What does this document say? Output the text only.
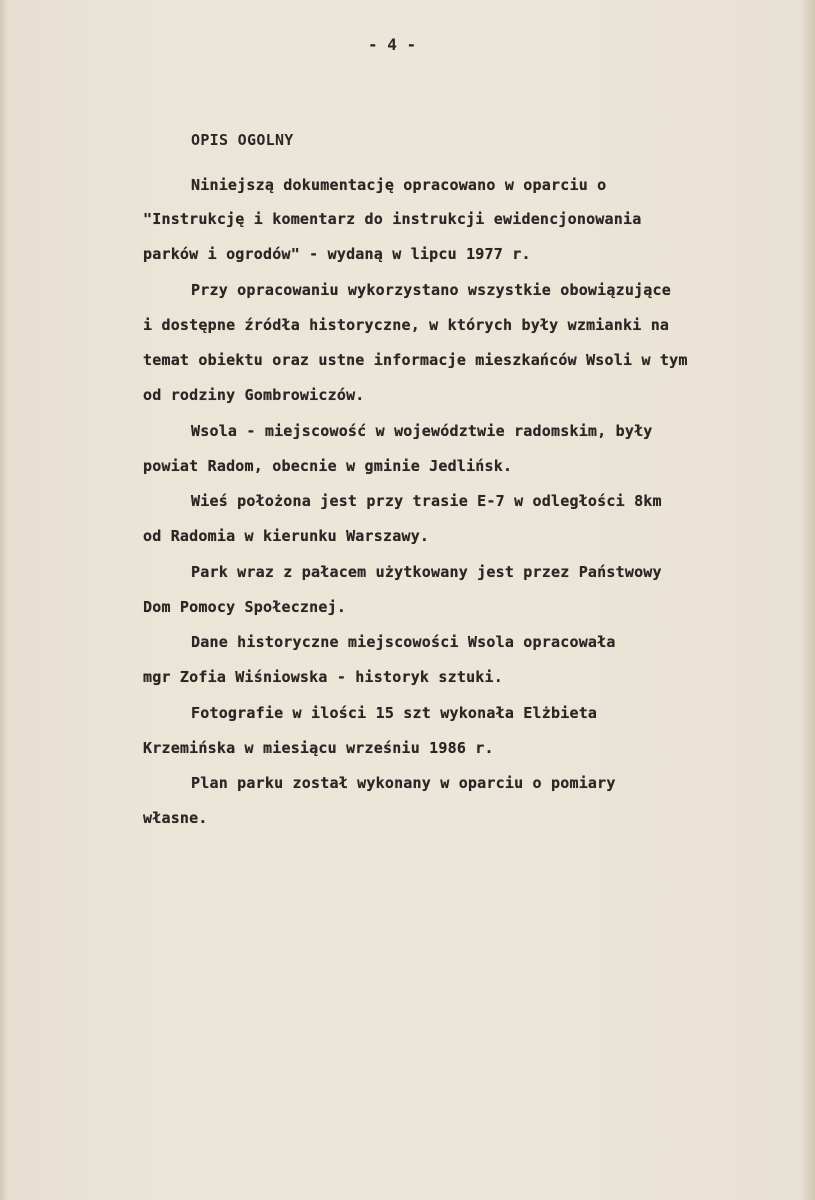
- 4 -
OPIS OGOLNY
Niniejszą dokumentację opracowano w oparciu o
"Instrukcję i komentarz do instrukcji ewidencjonowania
parków i ogrodów" - wydaną w lipcu 1977 r.
Przy opracowaniu wykorzystano wszystkie obowiązujące
i dostępne źródła historyczne, w których były wzmianki na
temat obiektu oraz ustne informacje mieszkańców Wsoli w tym
od rodziny Gombrowiczów.
Wsola - miejscowość w województwie radomskim, były
powiat Radom, obecnie w gminie Jedlińsk.
Wieś położona jest przy trasie E-7 w odległości 8km
od Radomia w kierunku Warszawy.
Park wraz z pałacem użytkowany jest przez Państwowy
Dom Pomocy Społecznej.
Dane historyczne miejscowości Wsola opracowała
mgr Zofia Wiśniowska - historyk sztuki.
Fotografie w ilości 15 szt wykonała Elżbieta
Krzemińska w miesiącu wrześniu 1986 r.
Plan parku został wykonany w oparciu o pomiary
własne.
